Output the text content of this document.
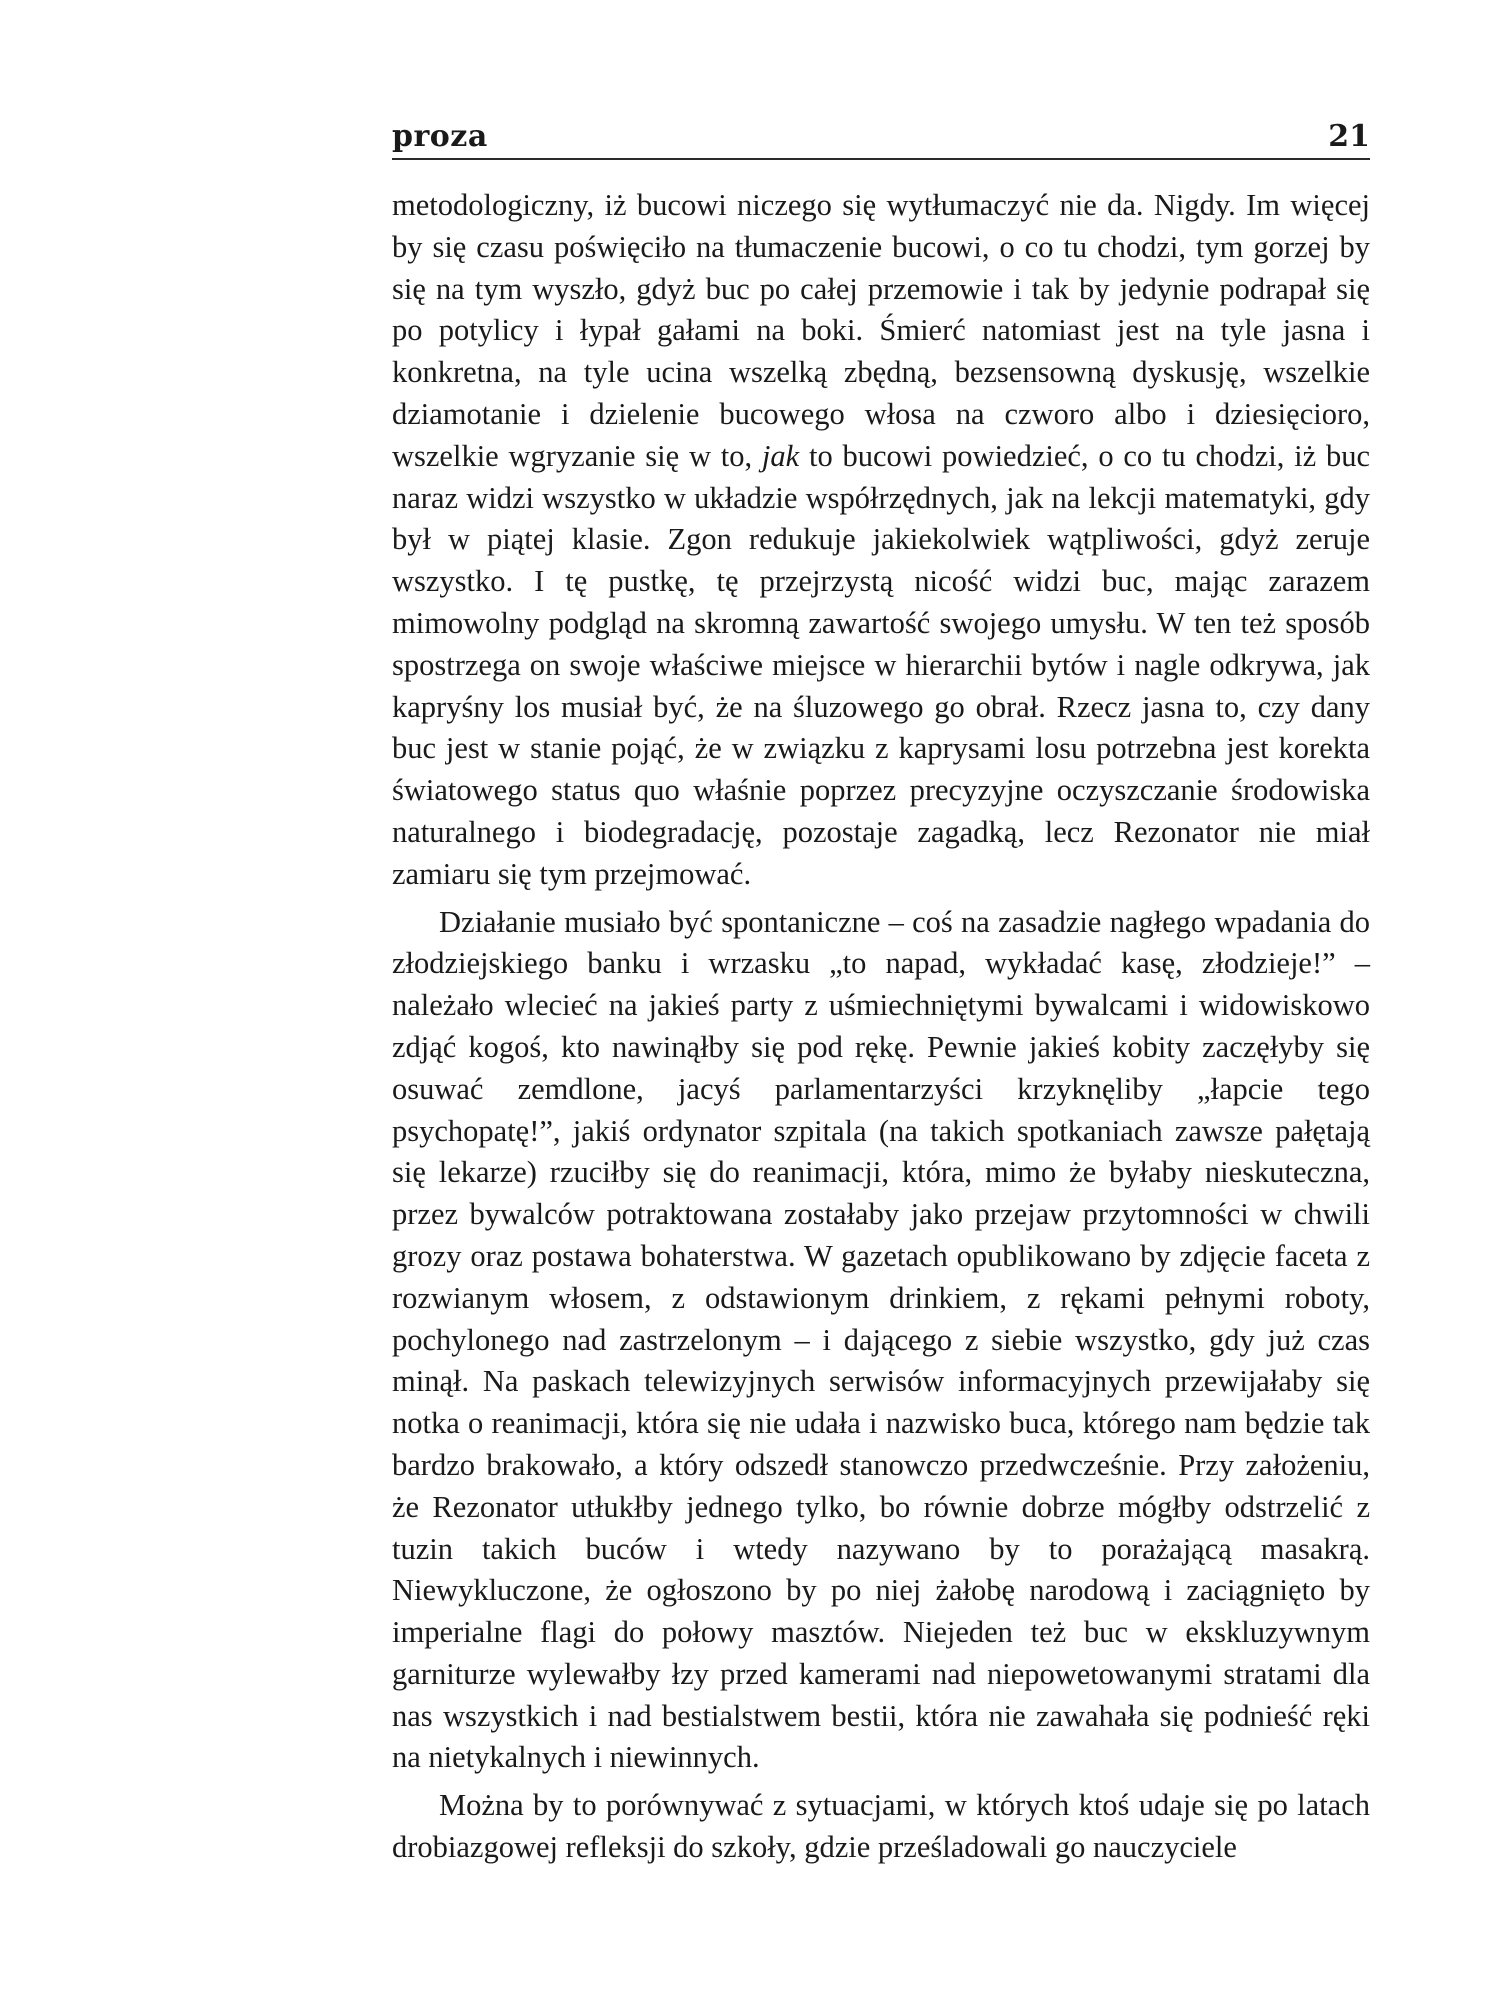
proza	21

metodologiczny, iż bucowi niczego się wytłumaczyć nie da. Nigdy. Im więcej by się czasu poświęciło na tłumaczenie bucowi, o co tu chodzi, tym gorzej by się na tym wyszło, gdyż buc po całej przemowie i tak by jedynie podrapał się po potylicy i łypał gałami na boki. Śmierć natomiast jest na tyle jasna i konkretna, na tyle ucina wszelką zbędną, bezsensowną dyskusję, wszelkie dziamotanie i dzielenie bucowego włosa na czworo albo i dziesięcioro, wszelkie wgryzanie się w to, jak to bucowi powiedzieć, o co tu chodzi, iż buc naraz widzi wszystko w układzie współrzędnych, jak na lekcji matematyki, gdy był w piątej klasie. Zgon redukuje jakiekolwiek wątpliwości, gdyż zeruje wszystko. I tę pustkę, tę przejrzystą nicość widzi buc, mając zarazem mimowolny podgląd na skromną zawartość swojego umysłu. W ten też sposób spostrzega on swoje właściwe miejsce w hierarchii bytów i nagle odkrywa, jak kapryśny los musiał być, że na śluzowego go obrał. Rzecz jasna to, czy dany buc jest w stanie pojąć, że w związku z kaprysami losu potrzebna jest korekta światowego status quo właśnie poprzez precyzyjne oczyszczanie środowiska naturalnego i biodegradację, pozostaje zagadką, lecz Rezonator nie miał zamiaru się tym przejmować.

Działanie musiało być spontaniczne – coś na zasadzie nagłego wpadania do złodziejskiego banku i wrzasku „to napad, wykładać kasę, złodzieje!” – należało wlecieć na jakieś party z uśmiechniętymi bywalcami i widowiskowo zdjąć kogoś, kto nawinąłby się pod rękę. Pewnie jakieś kobity zaczęłyby się osuwać zemdlone, jacyś parlamentarzyści krzyknęliby „łapcie tego psychopatę!”, jakiś ordynator szpitala (na takich spotkaniach zawsze pałętają się lekarze) rzuciłby się do reanimacji, która, mimo że byłaby nieskuteczna, przez bywalców potraktowana zostałaby jako przejaw przytomności w chwili grozy oraz postawa bohaterstwa. W gazetach opublikowano by zdjęcie faceta z rozwianym włosem, z odstawionym drinkiem, z rękami pełnymi roboty, pochylonego nad zastrzelonym – i dającego z siebie wszystko, gdy już czas minął. Na paskach telewizyjnych serwisów informacyjnych przewijałaby się notka o reanimacji, która się nie udała i nazwisko buca, którego nam będzie tak bardzo brakowało, a który odszedł stanowczo przedwcześnie. Przy założeniu, że Rezonator utłukłby jednego tylko, bo równie dobrze mógłby odstrzelić z tuzin takich buców i wtedy nazywano by to porażającą masakrą. Niewykluczone, że ogłoszono by po niej żałobę narodową i zaciągnięto by imperialne flagi do połowy masztów. Niejeden też buc w ekskluzywnym garniturze wylewałby łzy przed kamerami nad niepowetowanymi stratami dla nas wszystkich i nad bestialstwem bestii, która nie zawahała się podnieść ręki na nietykalnych i niewinnych.

Można by to porównywać z sytuacjami, w których ktoś udaje się po latach drobiazgowej refleksji do szkoły, gdzie prześladowali go nauczyciele
